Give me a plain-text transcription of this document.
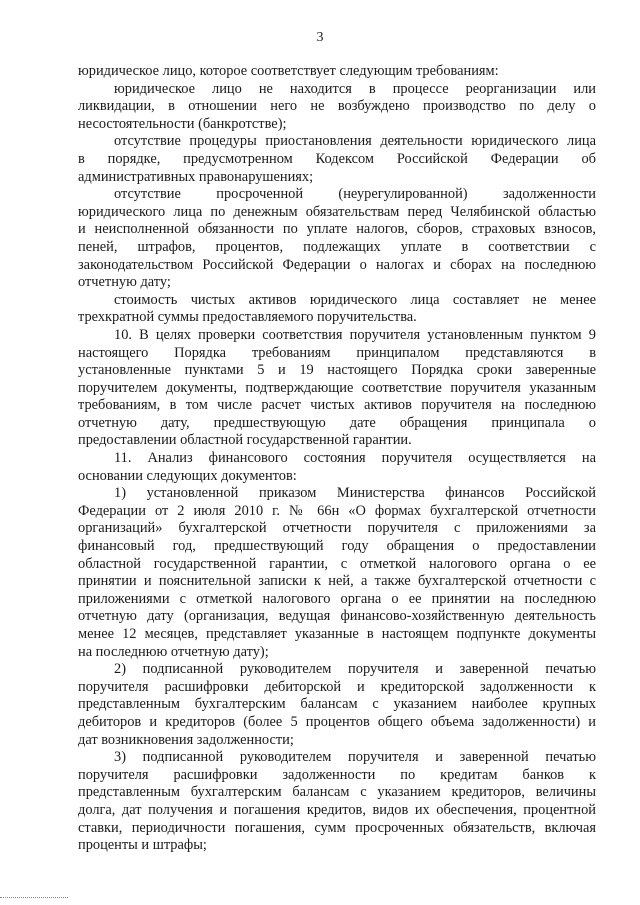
3
юридическое лицо, которое соответствует следующим требованиям:
юридическое лицо не находится в процессе реорганизации или
ликвидации, в отношении него не возбуждено производство по делу о
несостоятельности (банкротстве);
отсутствие процедуры приостановления деятельности юридического лица
в порядке, предусмотренном Кодексом Российской Федерации об
административных правонарушениях;
отсутствие просроченной (неурегулированной) задолженности
юридического лица по денежным обязательствам перед Челябинской областью
и неисполненной обязанности по уплате налогов, сборов, страховых взносов,
пеней, штрафов, процентов, подлежащих уплате в соответствии с
законодательством Российской Федерации о налогах и сборах на последнюю
отчетную дату;
стоимость чистых активов юридического лица составляет не менее
трехкратной суммы предоставляемого поручительства.
10. В целях проверки соответствия поручителя установленным пунктом 9
настоящего Порядка требованиям принципалом представляются в
установленные пунктами 5 и 19 настоящего Порядка сроки заверенные
поручителем документы, подтверждающие соответствие поручителя указанным
требованиям, в том числе расчет чистых активов поручителя на последнюю
отчетную дату, предшествующую дате обращения принципала о
предоставлении областной государственной гарантии.
11. Анализ финансового состояния поручителя осуществляется на
основании следующих документов:
1) установленной приказом Министерства финансов Российской
Федерации от 2 июля 2010 г. № 66н «О формах бухгалтерской отчетности
организаций» бухгалтерской отчетности поручителя с приложениями за
финансовый год, предшествующий году обращения о предоставлении
областной государственной гарантии, с отметкой налогового органа о ее
принятии и пояснительной записки к ней, а также бухгалтерской отчетности с
приложениями с отметкой налогового органа о ее принятии на последнюю
отчетную дату (организация, ведущая финансово-хозяйственную деятельность
менее 12 месяцев, представляет указанные в настоящем подпункте документы
на последнюю отчетную дату);
2) подписанной руководителем поручителя и заверенной печатью
поручителя расшифровки дебиторской и кредиторской задолженности к
представленным бухгалтерским балансам с указанием наиболее крупных
дебиторов и кредиторов (более 5 процентов общего объема задолженности) и
дат возникновения задолженности;
3) подписанной руководителем поручителя и заверенной печатью
поручителя расшифровки задолженности по кредитам банков к
представленным бухгалтерским балансам с указанием кредиторов, величины
долга, дат получения и погашения кредитов, видов их обеспечения, процентной
ставки, периодичности погашения, сумм просроченных обязательств, включая
проценты и штрафы;
